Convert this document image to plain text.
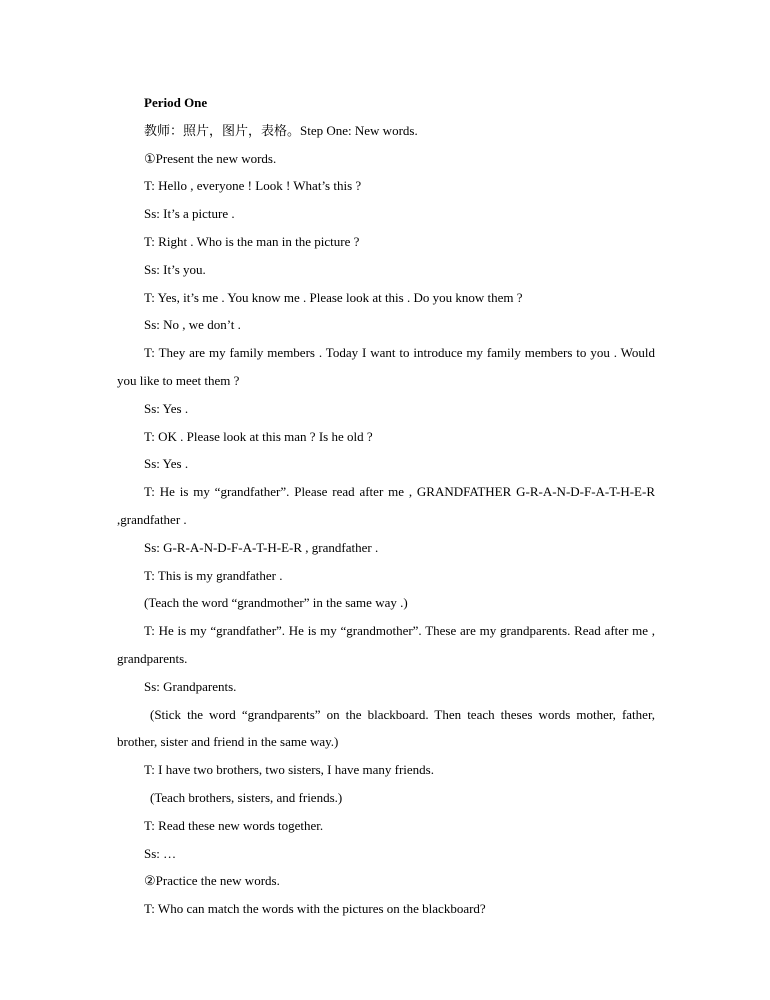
Period One

教师：照片，图片，表格。Step One: New words.

①Present the new words.

T: Hello , everyone ! Look ! What’s this ?

Ss: It’s a picture .

T: Right . Who is the man in the picture ?

Ss: It’s you.

T: Yes, it’s me . You know me . Please look at this . Do you know them ?

Ss: No , we don’t .

T: They are my family members . Today I want to introduce my family members to you . Would you like to meet them ?

Ss: Yes .

T: OK . Please look at this man ? Is he old ?

Ss: Yes .

T: He is my “grandfather”. Please read after me , GRANDFATHER G-R-A-N-D-F-A-T-H-E-R ,grandfather .

Ss: G-R-A-N-D-F-A-T-H-E-R , grandfather .

T: This is my grandfather .

(Teach the word “grandmother” in the same way .)

T: He is my “grandfather”. He is my “grandmother”. These are my grandparents. Read after me , grandparents.

Ss: Grandparents.

(Stick the word “grandparents” on the blackboard. Then teach theses words mother, father, brother, sister and friend in the same way.)

T: I have two brothers, two sisters, I have many friends.

(Teach brothers, sisters, and friends.)

T: Read these new words together.

Ss: …

②Practice the new words.

T: Who can match the words with the pictures on the blackboard?
